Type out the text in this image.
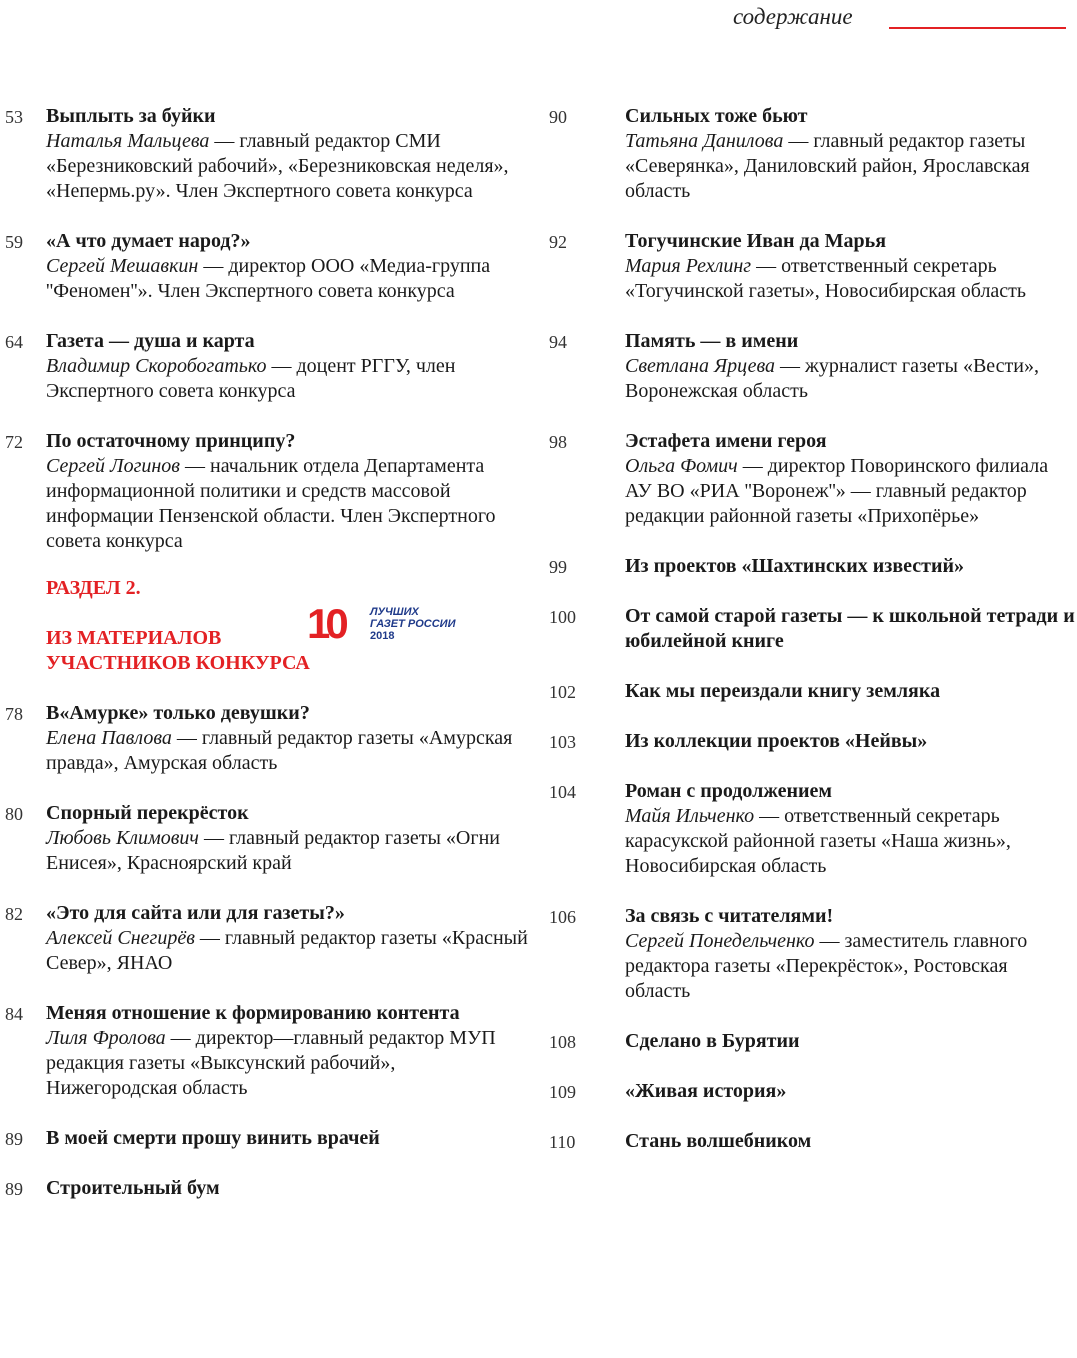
содержание
53 Выплыть за буйки
Наталья Мальцева — главный редактор СМИ «Березниковский рабочий», «Березниковская неделя», «Непермь.ру». Член Экспертного совета конкурса
59 «А что думает народ?»
Сергей Мешавкин — директор ООО «Медиа-группа ''Феномен''». Член Экспертного совета конкурса
64 Газета — душа и карта
Владимир Скоробогатько — доцент РГГУ, член Экспертного совета конкурса
72 По остаточному принципу?
Сергей Логинов — начальник отдела Департамента информационной политики и средств массовой информации Пензенской области. Член Экспертного совета конкурса
РАЗДЕЛ 2.
10	ЛУЧШИХ
ГАЗЕТ РОССИИ
2018
ИЗ МАТЕРИАЛОВ
УЧАСТНИКОВ КОНКУРСА
78 В«Амурке» только девушки?
Елена Павлова — главный редактор газеты «Амурская правда», Амурская область
80 Спорный перекрёсток
Любовь Климович — главный редактор газеты «Огни Енисея», Красноярский край
82 «Это для сайта или для газеты?»
Алексей Снегирёв — главный редактор газеты «Красный Север», ЯНАО
84 Меняя отношение к формированию контента
Лиля Фролова — директор—главный редактор МУП редакция газеты «Выксунский рабочий», Нижегородская область
89 В моей смерти прошу винить врачей
89 Строительный бум
90	Сильных тоже бьют
Татьяна Данилова — главный редактор газеты «Северянка», Даниловский район, Ярославская область
92	Тогучинские Иван да Марья
Мария Рехлинг — ответственный секретарь «Тогучинской газеты», Новосибирская область
94	Память — в имени
Светлана Ярцева — журналист газеты «Вести», Воронежская область
98	Эстафета имени героя
Ольга Фомич — директор Поворинского филиала АУ ВО «РИА ''Воронеж''» — главный редактор редакции районной газеты «Прихопёрье»
99	Из проектов «Шахтинских известий»
100 От самой старой газеты — к школьной тетради и юбилейной книге
102 Как мы переиздали книгу земляка
103 Из коллекции проектов «Нейвы»
104 Роман с продолжением
Майя Ильченко — ответственный секретарь карасукской районной газеты «Наша жизнь», Новосибирская область
106 За связь с читателями!
Сергей Понедельченко — заместитель главного редактора газеты «Перекрёсток», Ростовская область
108 Сделано в Бурятии
109 «Живая история»
110 Стань волшебником
